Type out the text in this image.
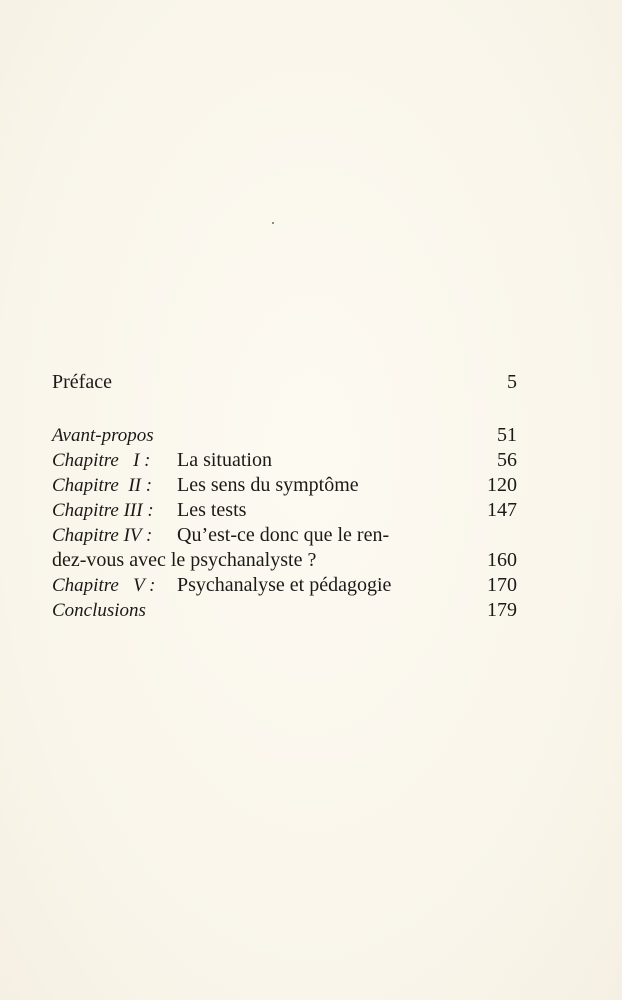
Préface	5
Avant-propos	51
Chapitre   I : La situation	56
Chapitre  II : Les sens du symptôme	120
Chapitre III : Les tests	147
Chapitre IV : Qu’est-ce donc que le ren-
dez-vous avec le psychanalyste ?	160
Chapitre   V : Psychanalyse et pédagogie	170
Conclusions	179
